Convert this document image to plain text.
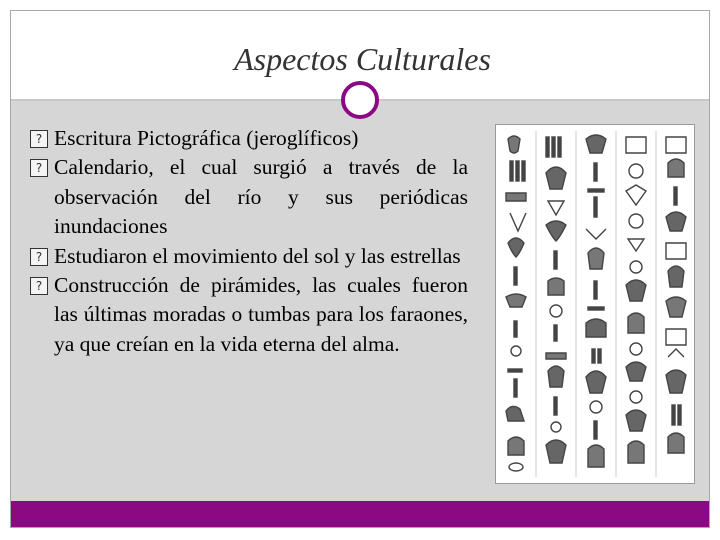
Aspectos Culturales

? Escritura Pictográfica (jeroglíficos)

? Calendario, el cual surgió a través de la observación del río y sus periódicas inundaciones

? Estudiaron el movimiento del sol y las estrellas

? Construcción de pirámides, las cuales fueron las últimas moradas o tumbas para los faraones, ya que creían en la vida eterna del alma.
